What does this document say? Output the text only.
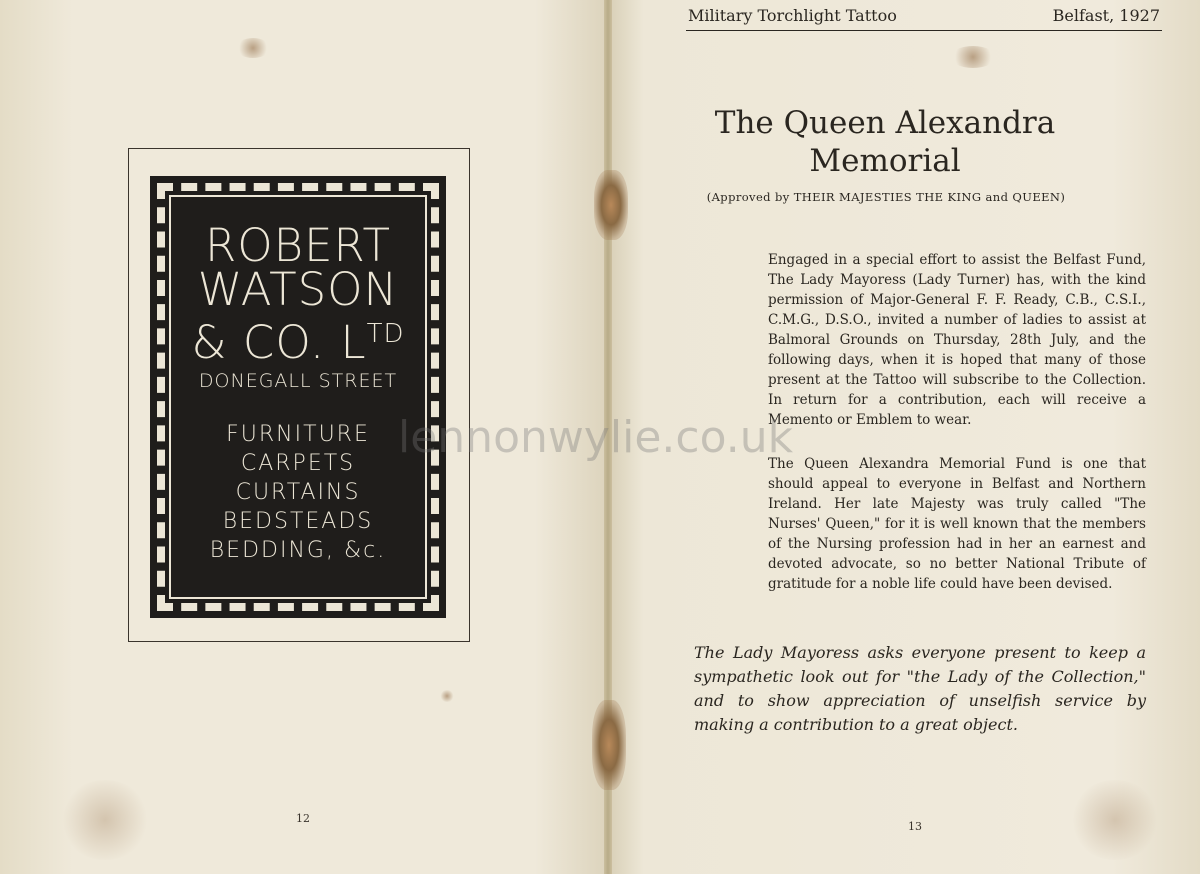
ROBERT
WATSON
& CO. $L^{TD}$
DONEGALL STREET
FURNITURE
CARPETS
CURTAINS
BEDSTEADS
BEDDING, &c.
12
Military Torchlight Tattoo	Belfast, 1927
The Queen Alexandra
Memorial
(Approved by THEIR MAJESTIES THE KING and QUEEN)
Engaged in a special effort to assist the Belfast Fund, The Lady Mayoress (Lady Turner) has, with the kind permission of Major-General F. F. Ready, C.B., C.S.I., C.M.G., D.S.O., invited a number of ladies to assist at Balmoral Grounds on Thursday, 28th July, and the following days, when it is hoped that many of those present at the Tattoo will subscribe to the Collection. In return for a contribution, each will receive a Memento or Emblem to wear.
The Queen Alexandra Memorial Fund is one that should appeal to everyone in Belfast and Northern Ireland. Her late Majesty was truly called "The Nurses' Queen," for it is well known that the members of the Nursing profession had in her an earnest and devoted advocate, so no better National Tribute of gratitude for a noble life could have been devised.
The Lady Mayoress asks everyone present to keep a sympathetic look out for "the Lady of the Collection," and to show appreciation of unselfish service by making a contribution to a great object.
13
lennonwylie.co.uk
